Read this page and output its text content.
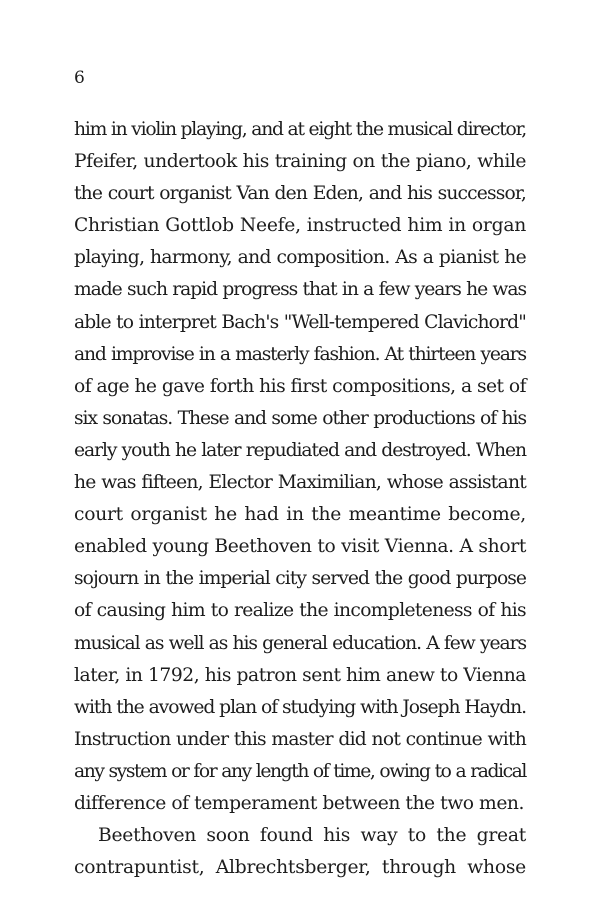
6
him in violin playing, and at eight the musical director,
Pfeifer, undertook his training on the piano, while
the court organist Van den Eden, and his successor,
Christian Gottlob Neefe, instructed him in organ
playing, harmony, and composition. As a pianist he
made such rapid progress that in a few years he was
able to interpret Bach's "Well-tempered Clavichord"
and improvise in a masterly fashion. At thirteen years
of age he gave forth his first compositions, a set of
six sonatas. These and some other productions of his
early youth he later repudiated and destroyed. When
he was fifteen, Elector Maximilian, whose assistant
court organist he had in the meantime become,
enabled young Beethoven to visit Vienna. A short
sojourn in the imperial city served the good purpose
of causing him to realize the incompleteness of his
musical as well as his general education. A few years
later, in 1792, his patron sent him anew to Vienna
with the avowed plan of studying with Joseph Haydn.
Instruction under this master did not continue with
any system or for any length of time, owing to a radical
difference of temperament between the two men.
Beethoven soon found his way to the great
contrapuntist, Albrechtsberger, through whose
